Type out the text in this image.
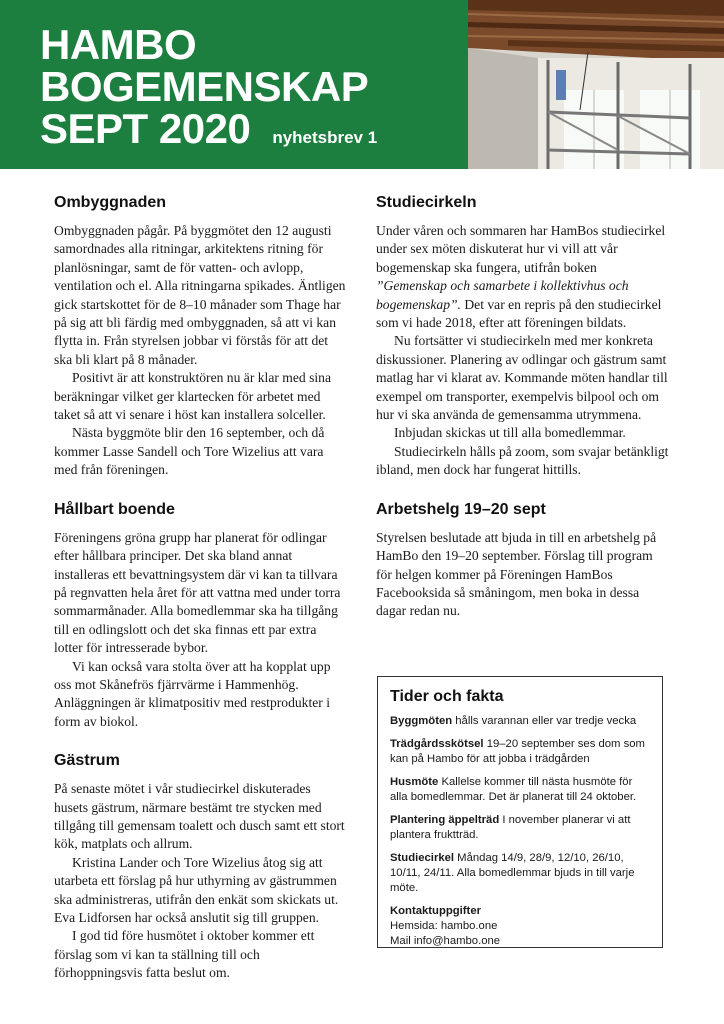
HAMBO
BOGEMENSKAP
SEPT 2020 nyhetsbrev 1
Ombyggnaden

Ombyggnaden pågår. På byggmötet den 12 augusti samordnades alla ritningar, arkitektens ritning för planlösningar, samt de för vatten- och avlopp, ventilation och el. Alla ritningarna spikades. Äntligen gick startskottet för de 8–10 månader som Thage har på sig att bli färdig med ombyggnaden, så att vi kan flytta in. Från styrelsen jobbar vi förstås för att det ska bli klart på 8 månader.

Positivt är att konstruktören nu är klar med sina beräkningar vilket ger klartecken för arbetet med taket så att vi senare i höst kan installera solceller.

Nästa byggmöte blir den 16 september, och då kommer Lasse Sandell och Tore Wizelius att vara med från föreningen.

Hållbart boende

Föreningens gröna grupp har planerat för odlingar efter hållbara principer. Det ska bland annat installeras ett bevattningsystem där vi kan ta tillvara på regnvatten hela året för att vattna med under torra sommarmånader. Alla bomedlemmar ska ha tillgång till en odlingslott och det ska finnas ett par extra lotter för intresserade bybor.

Vi kan också vara stolta över att ha kopplat upp oss mot Skånefrös fjärrvärme i Hammenhög. Anläggningen är klimatpositiv med restprodukter i form av biokol.

Gästrum

På senaste mötet i vår studiecirkel diskuterades husets gästrum, närmare bestämt tre stycken med tillgång till gemensam toalett och dusch samt ett stort kök, matplats och allrum.

Kristina Lander och Tore Wizelius åtog sig att utarbeta ett förslag på hur uthyrning av gästrummen ska administreras, utifrån den enkät som skickats ut. Eva Lidforsen har också anslutit sig till gruppen.

I god tid före husmötet i oktober kommer ett förslag som vi kan ta ställning till och förhoppningsvis fatta beslut om.

Studiecirkeln

Under våren och sommaren har HamBos studiecirkel under sex möten diskuterat hur vi vill att vår bogemenskap ska fungera, utifrån boken ”Gemenskap och samarbete i kollektivhus och bogemenskap”. Det var en repris på den studiecirkel som vi hade 2018, efter att föreningen bildats.

Nu fortsätter vi studiecirkeln med mer konkreta diskussioner. Planering av odlingar och gästrum samt matlag har vi klarat av. Kommande möten handlar till exempel om transporter, exempelvis bilpool och om hur vi ska använda de gemensamma utrymmena.

Inbjudan skickas ut till alla bomedlemmar.

Studiecirkeln hålls på zoom, som svajar betänkligt ibland, men dock har fungerat hittills.

Arbetshelg 19–20 sept

Styrelsen beslutade att bjuda in till en arbetshelg på HamBo den 19–20 september. Förslag till program för helgen kommer på Föreningen HamBos Facebooksida så småningom, men boka in dessa dagar redan nu.

Tider och fakta
Byggmöten hålls varannan eller var tredje vecka
Trädgårdsskötsel 19–20 september ses dom som kan på Hambo för att jobba i trädgården
Husmöte Kallelse kommer till nästa husmöte för alla bomedlemmar. Det är planerat till 24 oktober.
Plantering äppelträd I november planerar vi att plantera fruktträd.
Studiecirkel Måndag 14/9, 28/9, 12/10, 26/10, 10/11, 24/11. Alla bomedlemmar bjuds in till varje möte.
Kontaktuppgifter
Hemsida: hambo.one
Mail info@hambo.one
